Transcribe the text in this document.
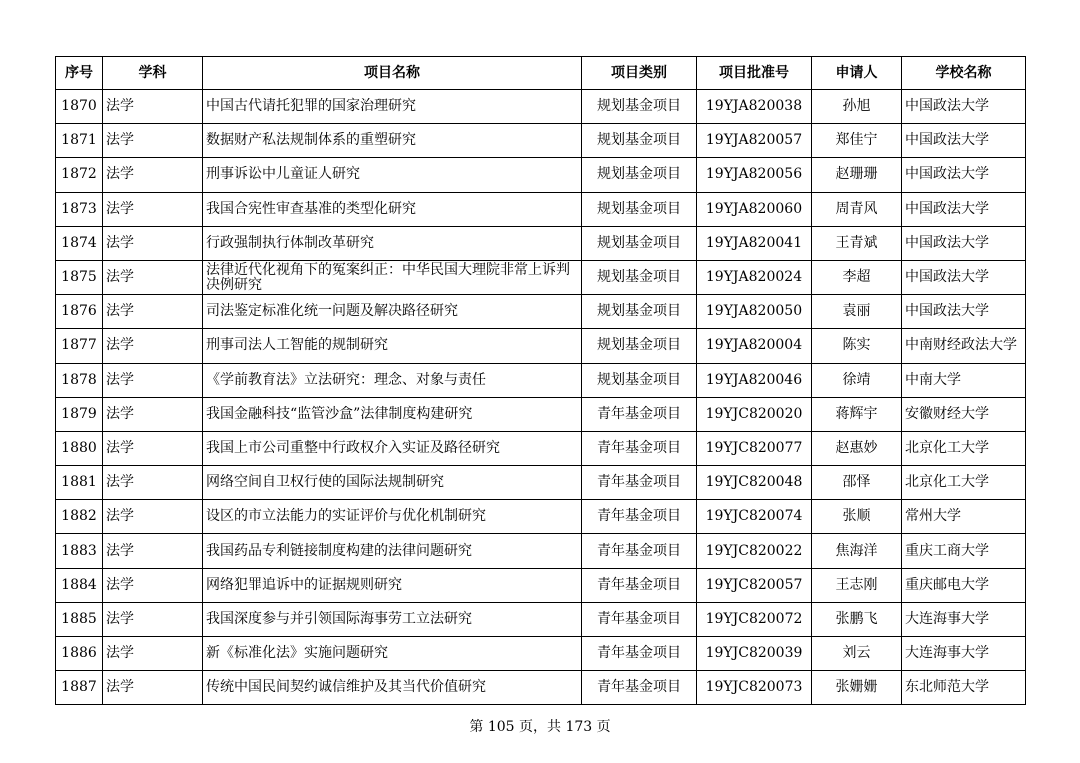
序号	学科	项目名称	项目类别	项目批准号	申请人	学校名称
1870	法学	中国古代请托犯罪的国家治理研究	规划基金项目	19YJA820038	孙旭	中国政法大学
1871	法学	数据财产私法规制体系的重塑研究	规划基金项目	19YJA820057	郑佳宁	中国政法大学
1872	法学	刑事诉讼中儿童证人研究	规划基金项目	19YJA820056	赵珊珊	中国政法大学
1873	法学	我国合宪性审查基准的类型化研究	规划基金项目	19YJA820060	周青风	中国政法大学
1874	法学	行政强制执行体制改革研究	规划基金项目	19YJA820041	王青斌	中国政法大学
1875	法学	法律近代化视角下的冤案纠正：中华民国大理院非常上诉判决例研究	规划基金项目	19YJA820024	李超	中国政法大学
1876	法学	司法鉴定标准化统一问题及解决路径研究	规划基金项目	19YJA820050	袁丽	中国政法大学
1877	法学	刑事司法人工智能的规制研究	规划基金项目	19YJA820004	陈实	中南财经政法大学
1878	法学	《学前教育法》立法研究：理念、对象与责任	规划基金项目	19YJA820046	徐靖	中南大学
1879	法学	我国金融科技“监管沙盒”法律制度构建研究	青年基金项目	19YJC820020	蒋辉宇	安徽财经大学
1880	法学	我国上市公司重整中行政权介入实证及路径研究	青年基金项目	19YJC820077	赵惠妙	北京化工大学
1881	法学	网络空间自卫权行使的国际法规制研究	青年基金项目	19YJC820048	邵怿	北京化工大学
1882	法学	设区的市立法能力的实证评价与优化机制研究	青年基金项目	19YJC820074	张顺	常州大学
1883	法学	我国药品专利链接制度构建的法律问题研究	青年基金项目	19YJC820022	焦海洋	重庆工商大学
1884	法学	网络犯罪追诉中的证据规则研究	青年基金项目	19YJC820057	王志刚	重庆邮电大学
1885	法学	我国深度参与并引领国际海事劳工立法研究	青年基金项目	19YJC820072	张鹏飞	大连海事大学
1886	法学	新《标准化法》实施问题研究	青年基金项目	19YJC820039	刘云	大连海事大学
1887	法学	传统中国民间契约诚信维护及其当代价值研究	青年基金项目	19YJC820073	张姗姗	东北师范大学
第 105 页，共 173 页
